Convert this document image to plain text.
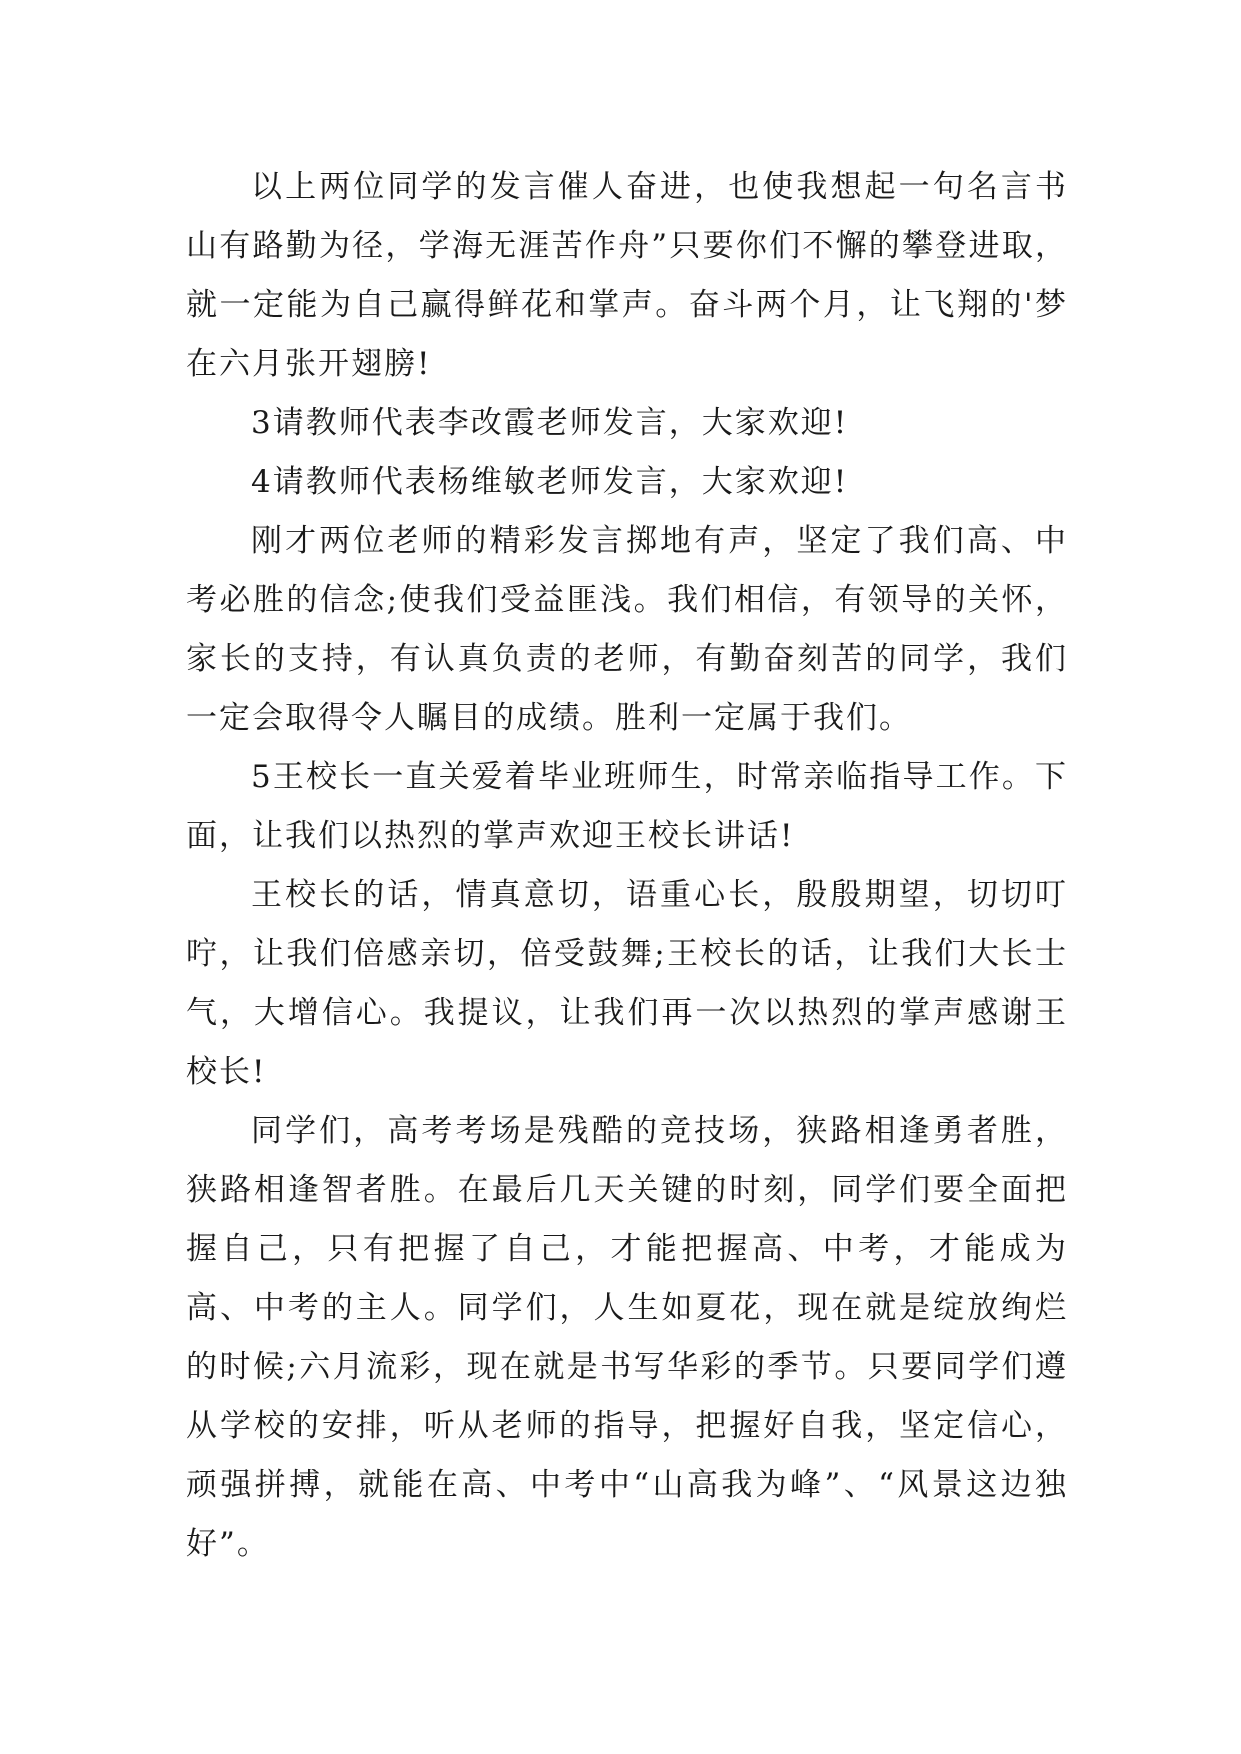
以上两位同学的发言催人奋进，也使我想起一句名言书山有路勤为径，学海无涯苦作舟”只要你们不懈的攀登进取，就一定能为自己赢得鲜花和掌声。奋斗两个月，让飞翔的'梦在六月张开翅膀!

3请教师代表李改霞老师发言，大家欢迎!

4请教师代表杨维敏老师发言，大家欢迎!

刚才两位老师的精彩发言掷地有声，坚定了我们高、中考必胜的信念;使我们受益匪浅。我们相信，有领导的关怀，家长的支持，有认真负责的老师，有勤奋刻苦的同学，我们一定会取得令人瞩目的成绩。胜利一定属于我们。

5王校长一直关爱着毕业班师生，时常亲临指导工作。下面，让我们以热烈的掌声欢迎王校长讲话!

王校长的话，情真意切，语重心长，殷殷期望，切切叮咛，让我们倍感亲切，倍受鼓舞;王校长的话，让我们大长士气，大增信心。我提议，让我们再一次以热烈的掌声感谢王校长!

同学们，高考考场是残酷的竞技场，狭路相逢勇者胜，狭路相逢智者胜。在最后几天关键的时刻，同学们要全面把握自己，只有把握了自己，才能把握高、中考，才能成为高、中考的主人。同学们，人生如夏花，现在就是绽放绚烂的时候;六月流彩，现在就是书写华彩的季节。只要同学们遵从学校的安排，听从老师的指导，把握好自我，坚定信心，顽强拼搏，就能在高、中考中“山高我为峰”、“风景这边独好”。
